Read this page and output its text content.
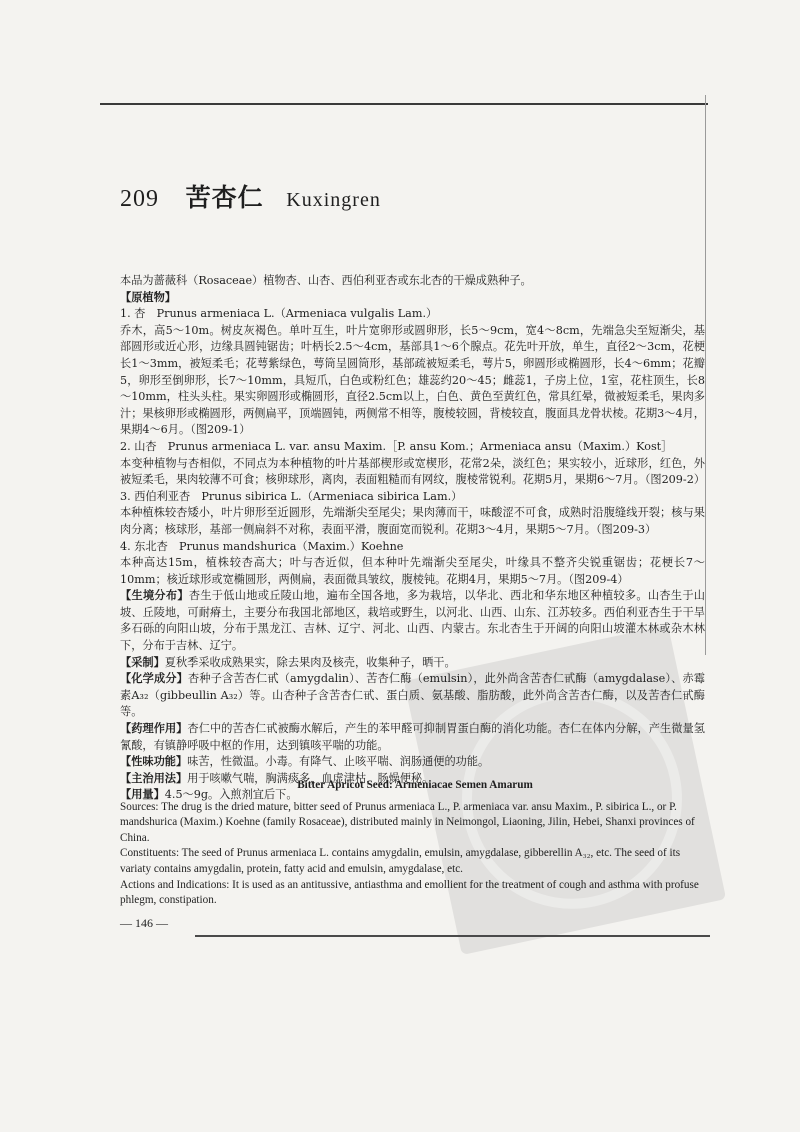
209 苦杏仁 Kuxingren

本品为蔷薇科（Rosaceae）植物杏、山杏、西伯利亚杏或东北杏的干燥成熟种子。

【原植物】

1. 杏　Prunus armeniaca L.（Armeniaca vulgalis Lam.）

乔木，高5～10m。树皮灰褐色。单叶互生，叶片宽卵形或圆卵形，长5～9cm，宽4～8cm，先端急尖至短渐尖，基部圆形或近心形，边缘具圆钝锯齿；叶柄长2.5～4cm，基部具1～6个腺点。花先叶开放，单生，直径2～3cm，花梗长1～3mm，被短柔毛；花萼紫绿色，萼筒呈圆筒形，基部疏被短柔毛，萼片5，卵圆形或椭圆形，长4～6mm；花瓣5，卵形至倒卵形，长7～10mm，具短爪，白色或粉红色；雄蕊约20～45；雌蕊1，子房上位，1室，花柱顶生，长8～10mm，柱头头柱。果实卵圆形或椭圆形，直径2.5cm以上，白色、黄色至黄红色，常具红晕，微被短柔毛，果肉多汁；果核卵形或椭圆形，两侧扁平，顶端圆钝，两侧常不相等，腹棱较圆，背棱较直，腹面具龙骨状棱。花期3～4月，果期4～6月。（图209-1）

2. 山杏　Prunus armeniaca L. var. ansu Maxim.［P. ansu Kom.；Armeniaca ansu（Maxim.）Kost］

本变种植物与杏相似，不同点为本种植物的叶片基部楔形或宽楔形，花常2朵，淡红色；果实较小，近球形，红色，外被短柔毛，果肉较薄不可食；核卵球形，离肉，表面粗糙而有网纹，腹棱常锐利。花期5月，果期6～7月。（图209-2）

3. 西伯利亚杏　Prunus sibirica L.（Armeniaca sibirica Lam.）

本种植株较杏矮小，叶片卵形至近圆形，先端渐尖至尾尖；果肉薄而干，味酸涩不可食，成熟时沿腹缝线开裂；核与果肉分离；核球形，基部一侧扁斜不对称，表面平滑，腹面宽而锐利。花期3～4月，果期5～7月。（图209-3）

4. 东北杏　Prunus mandshurica（Maxim.）Koehne

本种高达15m，植株较杏高大；叶与杏近似，但本种叶先端渐尖至尾尖，叶缘具不整齐尖锐重锯齿；花梗长7～10mm；核近球形或宽椭圆形，两侧扁，表面微具皱纹，腹棱钝。花期4月，果期5～7月。（图209-4）

【生境分布】杏生于低山地或丘陵山地，遍布全国各地，多为栽培，以华北、西北和华东地区种植较多。山杏生于山坡、丘陵地，可耐瘠土，主要分布我国北部地区，栽培或野生，以河北、山西、山东、江苏较多。西伯利亚杏生于干旱多石砾的向阳山坡，分布于黑龙江、吉林、辽宁、河北、山西、内蒙古。东北杏生于开阔的向阳山坡灌木林或杂木林下，分布于吉林、辽宁。

【采制】夏秋季采收成熟果实，除去果肉及核壳，收集种子，晒干。

【化学成分】杏种子含苦杏仁甙（amygdalin）、苦杏仁酶（emulsin），此外尚含苦杏仁甙酶（amygdalase）、赤霉素A₃₂（gibbeullin A₃₂）等。山杏种子含苦杏仁甙、蛋白质、氨基酸、脂肪酸，此外尚含苦杏仁酶，以及苦杏仁甙酶等。

【药理作用】杏仁中的苦杏仁甙被酶水解后，产生的苯甲醛可抑制胃蛋白酶的消化功能。杏仁在体内分解，产生微量氢氰酸，有镇静呼吸中枢的作用，达到镇咳平喘的功能。

【性味功能】味苦，性微温。小毒。有降气、止咳平喘、润肠通便的功能。

【主治用法】用于咳嗽气喘，胸满痰多，血虚津枯，肠燥便秘。

【用量】4.5～9g。入煎剂宜后下。

Bitter Apricot Seed: Armeniacae Semen Amarum

Sources: The drug is the dried mature, bitter seed of Prunus armeniaca L., P. armeniaca var. ansu Maxim., P. sibirica L., or P. mandshurica (Maxim.) Koehne (family Rosaceae), distributed mainly in Neimongol, Liaoning, Jilin, Hebei, Shanxi provinces of China.

Constituents: The seed of Prunus armeniaca L. contains amygdalin, emulsin, amygdalase, gibberellin A₃₂, etc. The seed of its variaty contains amygdalin, protein, fatty acid and emulsin, amygdalase, etc.

Actions and Indications: It is used as an antitussive, antiasthma and emollient for the treatment of cough and asthma with profuse phlegm, constipation.

— 146 —
